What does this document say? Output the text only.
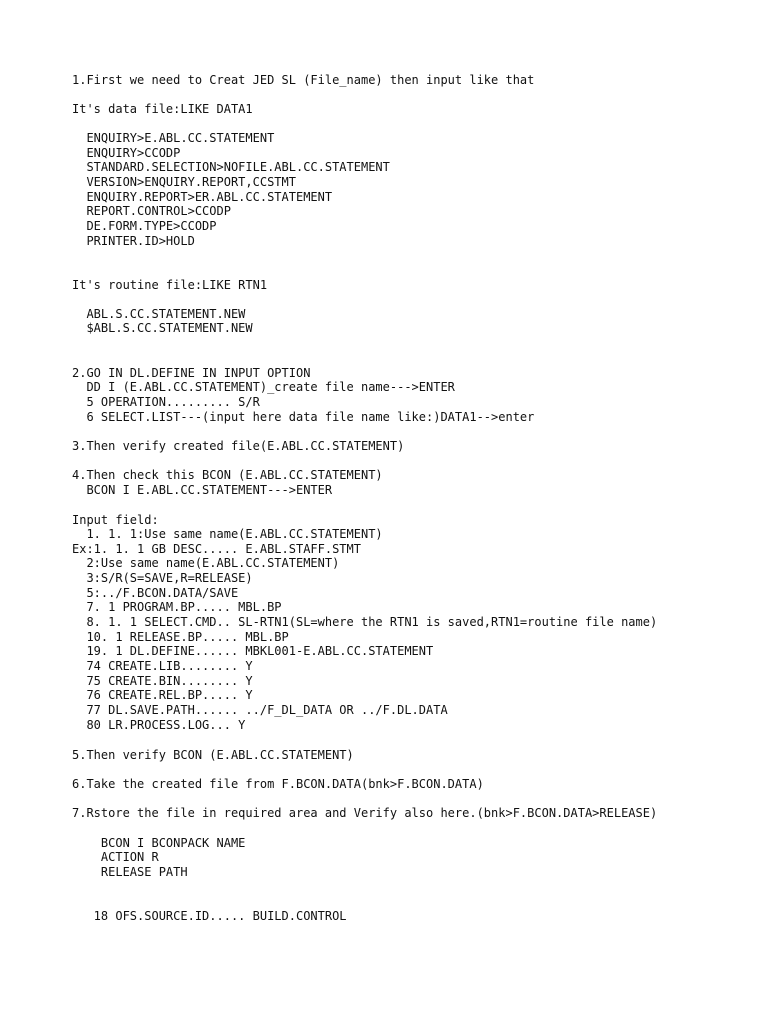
1.First we need to Creat JED SL (File_name) then input like that
It's data file:LIKE DATA1
ENQUIRY>E.ABL.CC.STATEMENT
ENQUIRY>CCODP
STANDARD.SELECTION>NOFILE.ABL.CC.STATEMENT
VERSION>ENQUIRY.REPORT,CCSTMT
ENQUIRY.REPORT>ER.ABL.CC.STATEMENT
REPORT.CONTROL>CCODP
DE.FORM.TYPE>CCODP
PRINTER.ID>HOLD
It's routine file:LIKE RTN1
ABL.S.CC.STATEMENT.NEW
$ABL.S.CC.STATEMENT.NEW
2.GO IN DL.DEFINE IN INPUT OPTION
DD I (E.ABL.CC.STATEMENT)_create file name--->ENTER
5 OPERATION......... S/R
6 SELECT.LIST---(input here data file name like:)DATA1-->enter
3.Then verify created file(E.ABL.CC.STATEMENT)
4.Then check this BCON (E.ABL.CC.STATEMENT)
BCON I E.ABL.CC.STATEMENT--->ENTER
Input field:
1. 1. 1:Use same name(E.ABL.CC.STATEMENT)
Ex:1. 1. 1 GB DESC..... E.ABL.STAFF.STMT
2:Use same name(E.ABL.CC.STATEMENT)
3:S/R(S=SAVE,R=RELEASE)
5:../F.BCON.DATA/SAVE
7. 1 PROGRAM.BP..... MBL.BP
8. 1. 1 SELECT.CMD.. SL-RTN1(SL=where the RTN1 is saved,RTN1=routine file name)
10. 1 RELEASE.BP..... MBL.BP
19. 1 DL.DEFINE...... MBKL001-E.ABL.CC.STATEMENT
74 CREATE.LIB........ Y
75 CREATE.BIN........ Y
76 CREATE.REL.BP..... Y
77 DL.SAVE.PATH...... ../F_DL_DATA OR ../F.DL.DATA
80 LR.PROCESS.LOG... Y
5.Then verify BCON (E.ABL.CC.STATEMENT)
6.Take the created file from F.BCON.DATA(bnk>F.BCON.DATA)
7.Rstore the file in required area and Verify also here.(bnk>F.BCON.DATA>RELEASE)
BCON I BCONPACK NAME
ACTION R
RELEASE PATH
18 OFS.SOURCE.ID..... BUILD.CONTROL
